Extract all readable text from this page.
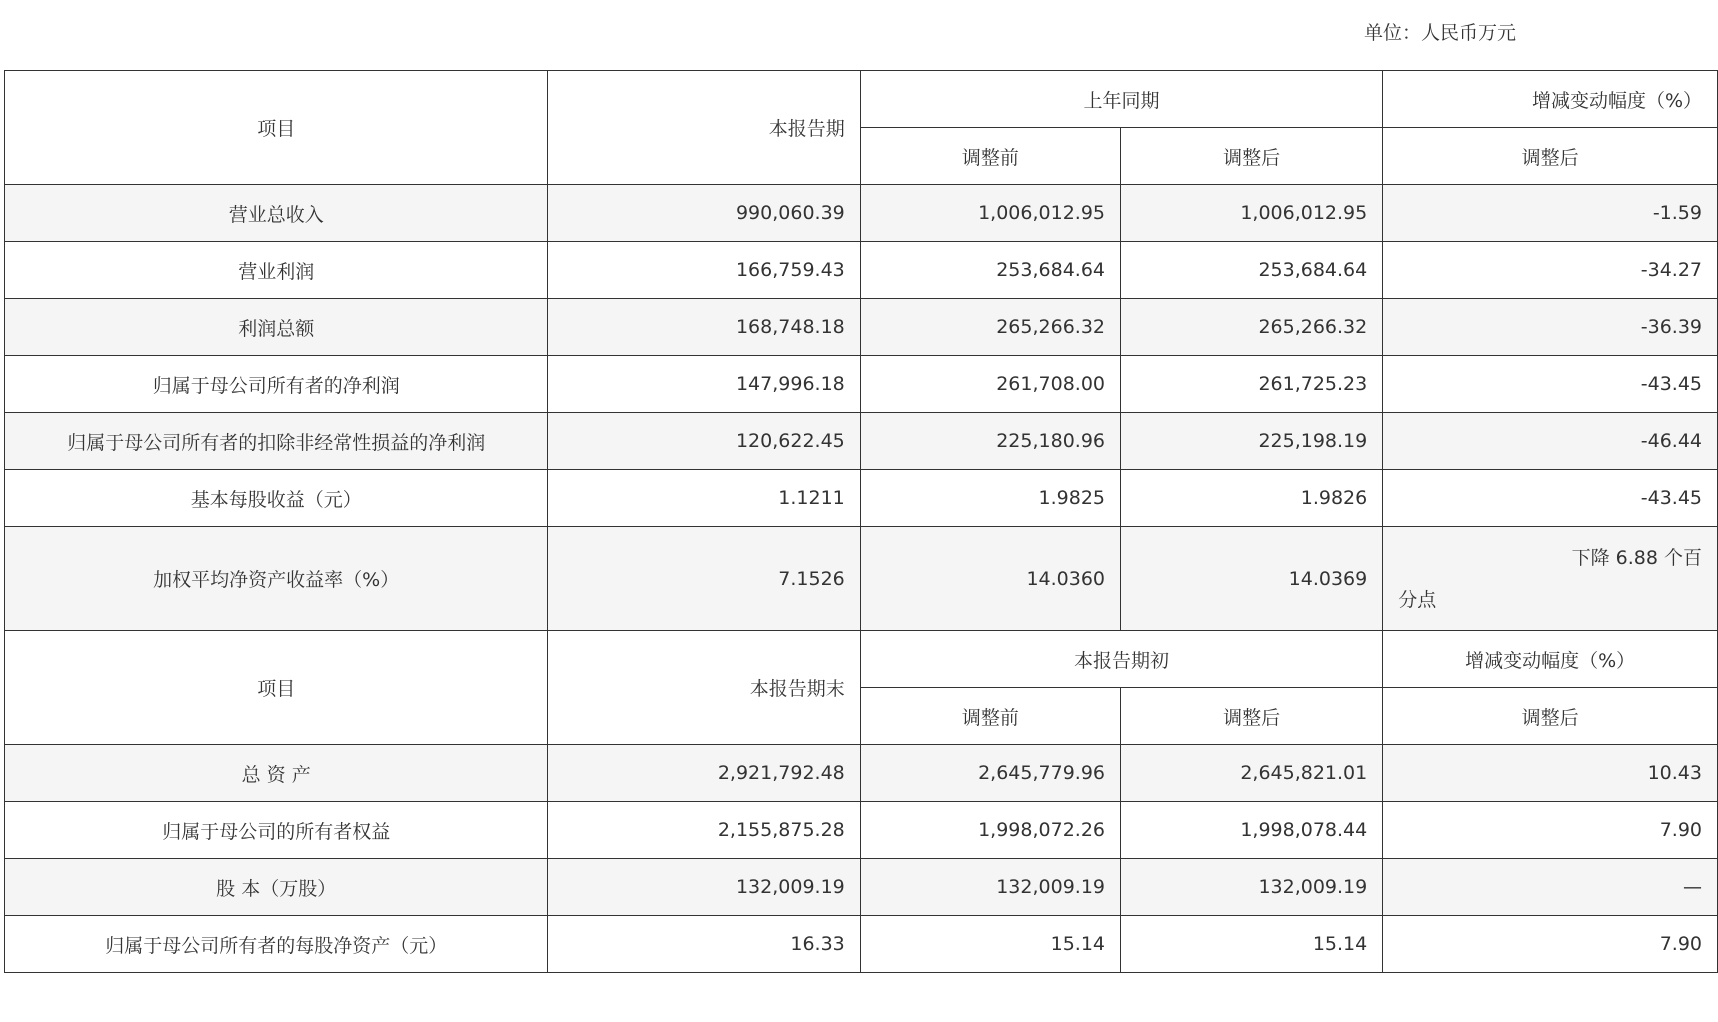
单位：人民币万元
项目	本报告期	上年同期		增减变动幅度（%）
		调整前	调整后	调整后
营业总收入	990,060.39	1,006,012.95	1,006,012.95	-1.59
营业利润	166,759.43	253,684.64	253,684.64	-34.27
利润总额	168,748.18	265,266.32	265,266.32	-36.39
归属于母公司所有者的净利润	147,996.18	261,708.00	261,725.23	-43.45
归属于母公司所有者的扣除非经常性损益的净利润	120,622.45	225,180.96	225,198.19	-46.44
基本每股收益（元）	1.1211	1.9825	1.9826	-43.45
加权平均净资产收益率（%）	7.1526	14.0360	14.0369	下降 6.88 个百
分点

项目	本报告期末	本报告期初		增减变动幅度（%）
		调整前	调整后	调整后
总 资 产	2,921,792.48	2,645,779.96	2,645,821.01	10.43
归属于母公司的所有者权益	2,155,875.28	1,998,072.26	1,998,078.44	7.90
股 本（万股）	132,009.19	132,009.19	132,009.19	—
归属于母公司所有者的每股净资产（元）	16.33	15.14	15.14	7.90
